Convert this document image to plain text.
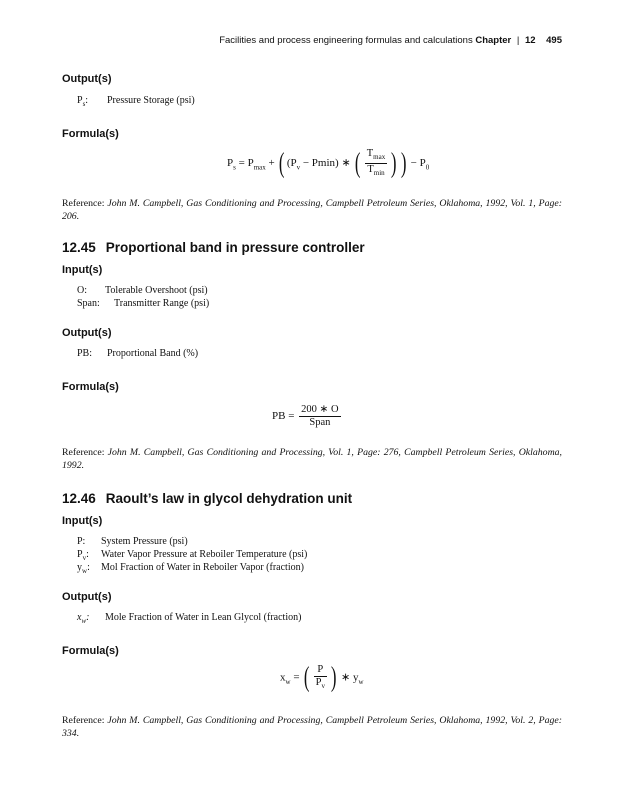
Facilities and process engineering formulas and calculations Chapter | 12 495
Output(s)
$P_s$: Pressure Storage (psi)
Formula(s)
$P_s = P_{max}$ + ( $(P_v - Pmin)$ ∗ ( $\frac{T_{max}}{T_{min}}$ ) ) − $P_0$
Reference: John M. Campbell, Gas Conditioning and Processing, Campbell Petroleum Series, Oklahoma, 1992, Vol. 1, Page: 206.
12.45 Proportional band in pressure controller
Input(s)
O: Tolerable Overshoot (psi)
Span: Transmitter Range (psi)
Output(s)
PB: Proportional Band (%)
Formula(s)
PB = $\frac{200 ∗ O}{\text{Span}}$
Reference: John M. Campbell, Gas Conditioning and Processing, Vol. 1, Page: 276, Campbell Petroleum Series, Oklahoma, 1992.
12.46 Raoult’s law in glycol dehydration unit
Input(s)
P: System Pressure (psi)
$P_v$: Water Vapor Pressure at Reboiler Temperature (psi)
$y_w$: Mol Fraction of Water in Reboiler Vapor (fraction)
Output(s)
$x_w$: Mole Fraction of Water in Lean Glycol (fraction)
Formula(s)
$x_w$ = ( $\frac{P}{P_v}$ ) ∗ $y_w$
Reference: John M. Campbell, Gas Conditioning and Processing, Campbell Petroleum Series, Oklahoma, 1992, Vol. 2, Page: 334.
